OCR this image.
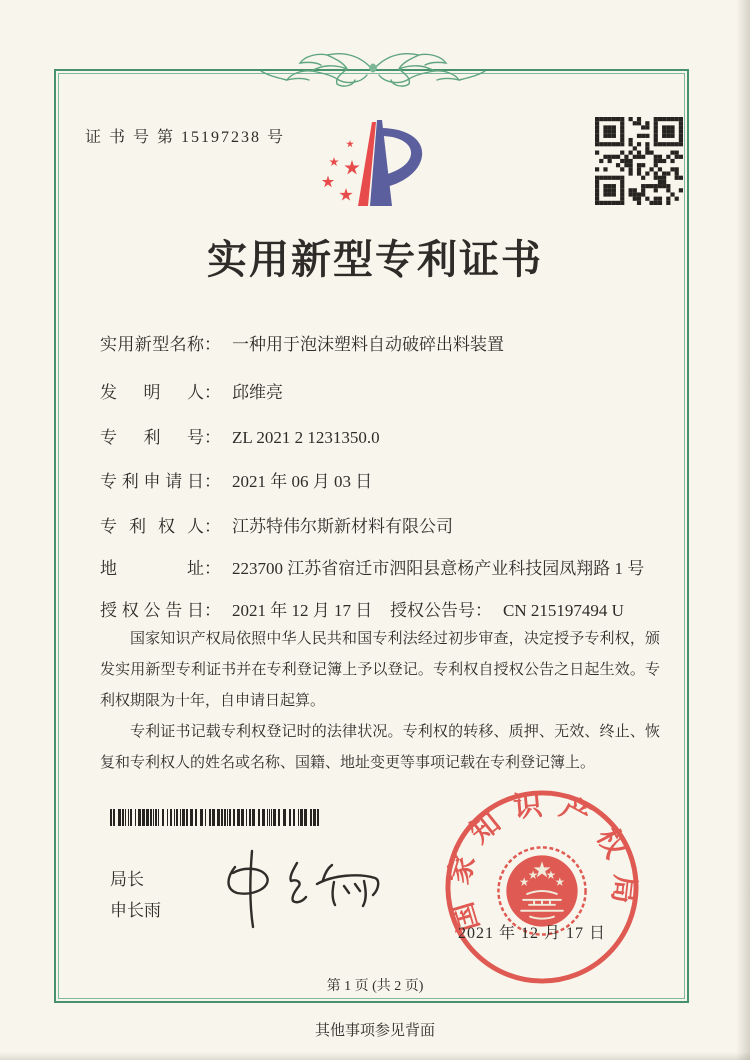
证 书 号 第 15197238 号
实用新型专利证书
实用新型名称： 一种用于泡沫塑料自动破碎出料装置
发明人： 邱维亮
专利号： ZL 2021 2 1231350.0
专利申请日： 2021 年 06 月 03 日
专利权人： 江苏特伟尔斯新材料有限公司
地址： 223700 江苏省宿迁市泗阳县意杨产业科技园凤翔路 1 号
授权公告日： 2021 年 12 月 17 日 授权公告号： CN 215197494 U

国家知识产权局依照中华人民共和国专利法经过初步审查，决定授予专利权，颁发实用新型专利证书并在专利登记簿上予以登记。专利权自授权公告之日起生效。专利权期限为十年，自申请日起算。

专利证书记载专利权登记时的法律状况。专利权的转移、质押、无效、终止、恢复和专利权人的姓名或名称、国籍、地址变更等事项记载在专利登记簿上。

局长
申长雨	国家知识产权局
2021 年 12 月 17 日
第 1 页 (共 2 页)
其他事项参见背面
